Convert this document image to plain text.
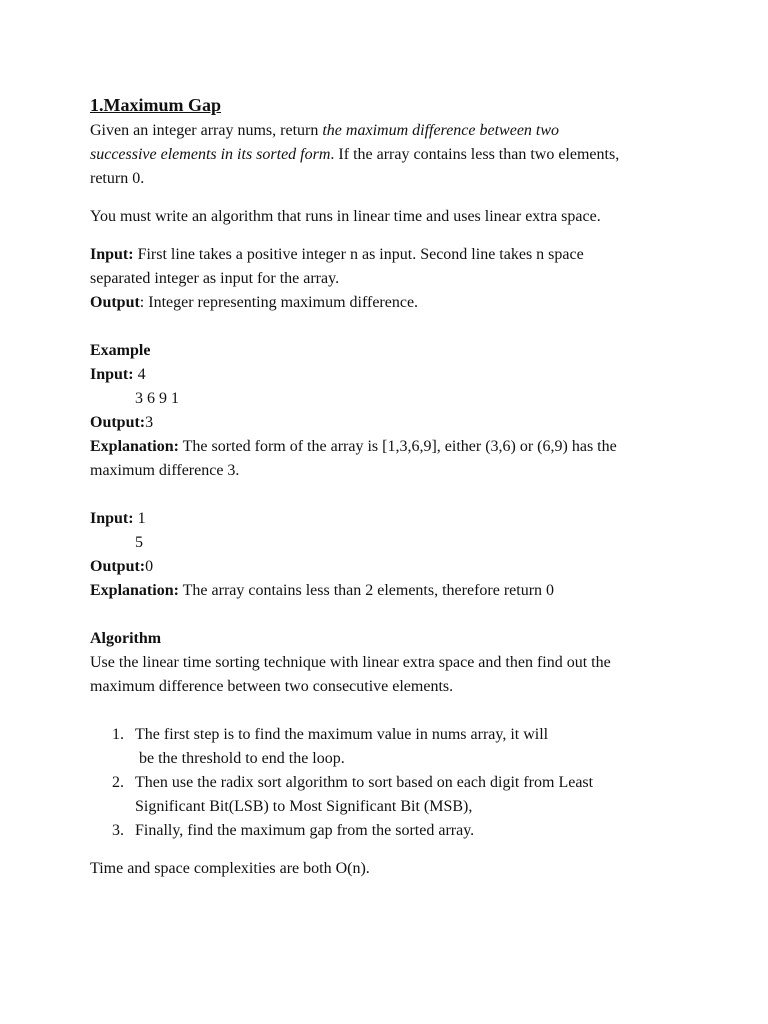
1.Maximum Gap

Given an integer array nums, return the maximum difference between two
successive elements in its sorted form. If the array contains less than two elements,
return 0.

You must write an algorithm that runs in linear time and uses linear extra space.

Input: First line takes a positive integer n as input. Second line takes n space
separated integer as input for the array.
Output: Integer representing maximum difference.

Example

Input: 4

3 6 9 1

Output:3

Explanation: The sorted form of the array is [1,3,6,9], either (3,6) or (6,9) has the
maximum difference 3.

Input: 1

5

Output:0

Explanation: The array contains less than 2 elements, therefore return 0

Algorithm

Use the linear time sorting technique with linear extra space and then find out the
maximum difference between two consecutive elements.

1. The first step is to find the maximum value in nums array, it will
be the threshold to end the loop.
2. Then use the radix sort algorithm to sort based on each digit from Least
Significant Bit(LSB) to Most Significant Bit (MSB),
3. Finally, find the maximum gap from the sorted array.

Time and space complexities are both O(n).
